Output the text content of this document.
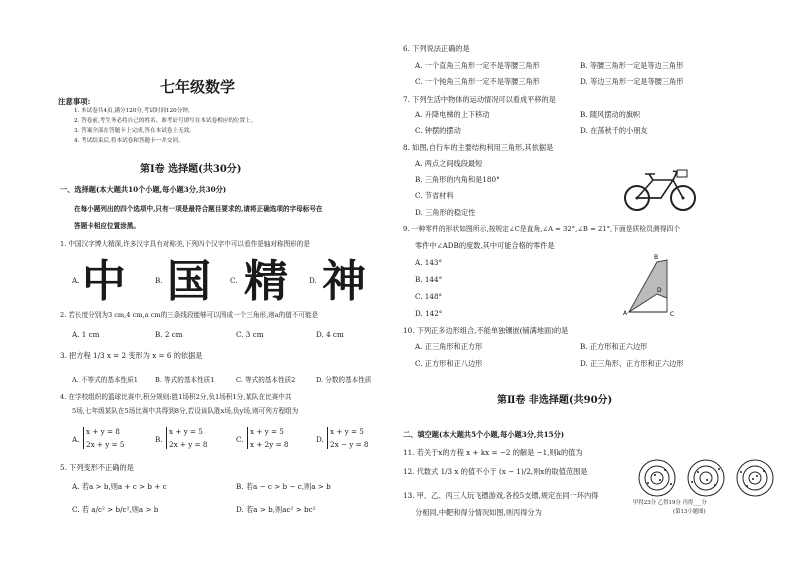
七年级数学
注意事项:
1. 本试卷共4页,满分120分,考试时间120分钟。
2. 答卷前,考生务必将自己的姓名、准考证号填写在本试卷相应的位置上。
3. 答案全部在答题卡上完成,答在本试卷上无效。
4. 考试结束后,将本试卷和答题卡一并交回。
第Ⅰ卷 选择题(共30分)
一、选择题(本大题共10个小题,每小题3分,共30分)
在每小题列出的四个选项中,只有一项是最符合题目要求的,请将正确选项的字母标号在
答题卡相应位置涂黑。
1. 中国汉字博大精深,许多汉字具有对称美,下列四个汉字中可以看作是轴对称图形的是
A. 中	B. 国	C. 精	D. 神
2. 若长度分别为3 cm,4 cm,a cm的三条线段能够可以围成一个三角形,则a的值不可能是
A. 1 cm	B. 2 cm	C. 3 cm	D. 4 cm
3. 把方程 1/3 x = 2 变形为 x = 6 的依据是
A. 不等式的基本性质1	B. 等式的基本性质1	C. 等式的基本性质2	D. 分数的基本性质
4. 在学校组织的篮球比赛中,积分规则:胜1场积2分,负1场积1分,某队在比赛中共
5场,七年级某队在5场比赛中共得到8分,若设该队胜x场,负y场,则可列方程组为
A.
x + y = 8
2x + y = 5
B.
x + y = 5
2x + y = 8
C.
x + y = 5
x + 2y = 8
D.
x + y = 5
2x − y = 8
5. 下列变形不正确的是
A. 若a > b,则a + c > b + c	B. 若a − c > b − c,则a > b
C. 若 a/c² > b/c²,则a > b	D. 若a > b,则ac² > bc²
6. 下列说法正确的是
A. 一个直角三角形一定不是等腰三角形	B. 等腰三角形一定是等边三角形
C. 一个钝角三角形一定不是等腰三角形	D. 等边三角形一定是等腰三角形
7. 下列生活中物体的运动情况可以看成平移的是
A. 升降电梯的上下移动	B. 随风摆动的旗帜
C. 钟摆的摆动	D. 在荡秋千的小朋友
8. 如图,自行车的主要结构利用三角形,其依据是
A. 两点之间线段最短
B. 三角形的内角和是180°
C. 节省材料
D. 三角形的稳定性
9. 一种零件的形状如图所示,按规定∠C是直角,∠A = 32°,∠B = 21°,下面是质检员测得四个
零件中∠ADB的度数,其中可能合格的零件是
A. 143°
B. 144°
C. 148°
D. 142°	A
D
B
C
10. 下列正多边形组合,不能单独镶嵌(铺满地面)的是
A. 正三角形和正方形	B. 正方形和正六边形
C. 正方形和正八边形	D. 正三角形、正方形和正六边形
第Ⅱ卷 非选择题(共90分)
二、填空题(本大题共5个小题,每小题3分,共15分)
11. 若关于x的方程 x + kx = −2 的解是 −1,则k的值为
12. 代数式 1/3 x 的值不小于 (x − 1)/2,则x的取值范围是
13. 甲、乙、丙三人玩飞镖游戏,各投5支镖,规定在同一环内得
分相同,中靶和得分情况如图,则丙得分为
甲得23分 乙得19分 丙得___分
(第13小题图)
